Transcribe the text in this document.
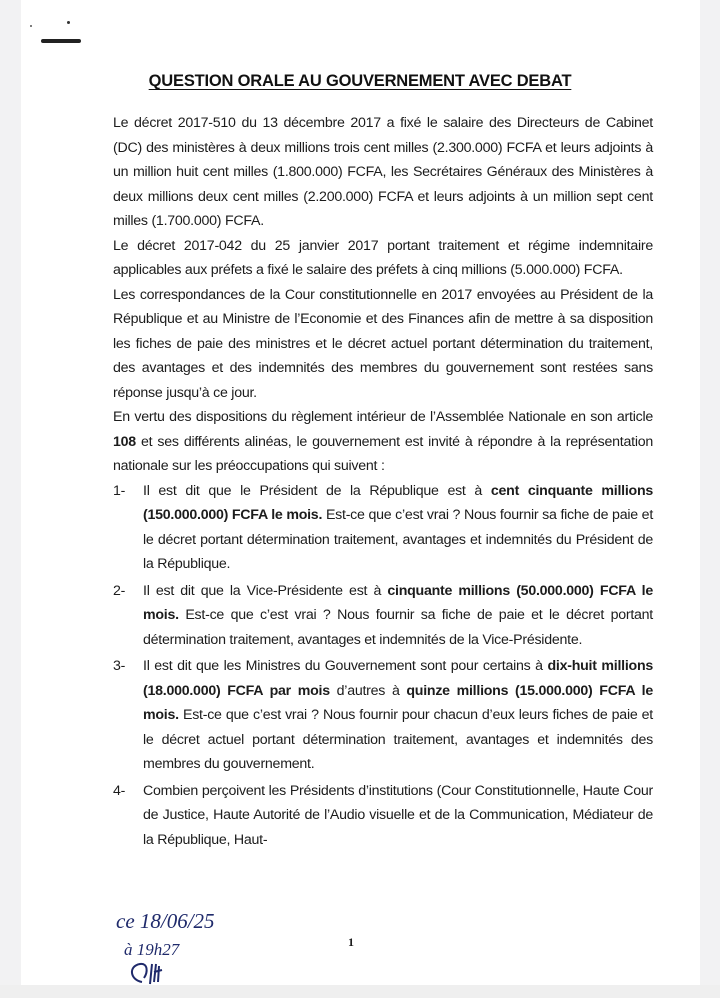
QUESTION ORALE AU GOUVERNEMENT AVEC DEBAT

Le décret 2017-510 du 13 décembre 2017 a fixé le salaire des Directeurs de Cabinet (DC) des ministères à deux millions trois cent milles (2.300.000) FCFA et leurs adjoints à un million huit cent milles (1.800.000) FCFA, les Secrétaires Généraux des Ministères à deux millions deux cent milles (2.200.000) FCFA et leurs adjoints à un million sept cent milles (1.700.000) FCFA.

Le décret 2017-042 du 25 janvier 2017 portant traitement et régime indemnitaire applicables aux préfets a fixé le salaire des préfets à cinq millions (5.000.000) FCFA.

Les correspondances de la Cour constitutionnelle en 2017 envoyées au Président de la République et au Ministre de l’Economie et des Finances afin de mettre à sa disposition les fiches de paie des ministres et le décret actuel portant détermination du traitement, des avantages et des indemnités des membres du gouvernement sont restées sans réponse jusqu’à ce jour.

En vertu des dispositions du règlement intérieur de l’Assemblée Nationale en son article 108 et ses différents alinéas, le gouvernement est invité à répondre à la représentation nationale sur les préoccupations qui suivent :

1- Il est dit que le Président de la République est à cent cinquante millions (150.000.000) FCFA le mois. Est-ce que c’est vrai ? Nous fournir sa fiche de paie et le décret portant détermination traitement, avantages et indemnités du Président de la République.

2- Il est dit que la Vice-Présidente est à cinquante millions (50.000.000) FCFA le mois. Est-ce que c’est vrai ? Nous fournir sa fiche de paie et le décret portant détermination traitement, avantages et indemnités de la Vice-Présidente.

3- Il est dit que les Ministres du Gouvernement sont pour certains à dix-huit millions (18.000.000) FCFA par mois d’autres à quinze millions (15.000.000) FCFA le mois. Est-ce que c’est vrai ? Nous fournir pour chacun d’eux leurs fiches de paie et le décret actuel portant détermination traitement, avantages et indemnités des membres du gouvernement.

4- Combien perçoivent les Présidents d’institutions (Cour Constitutionnelle, Haute Cour de Justice, Haute Autorité de l’Audio visuelle et de la Communication, Médiateur de la République, Haut-

ce 18/06/25
à 19h27	1
